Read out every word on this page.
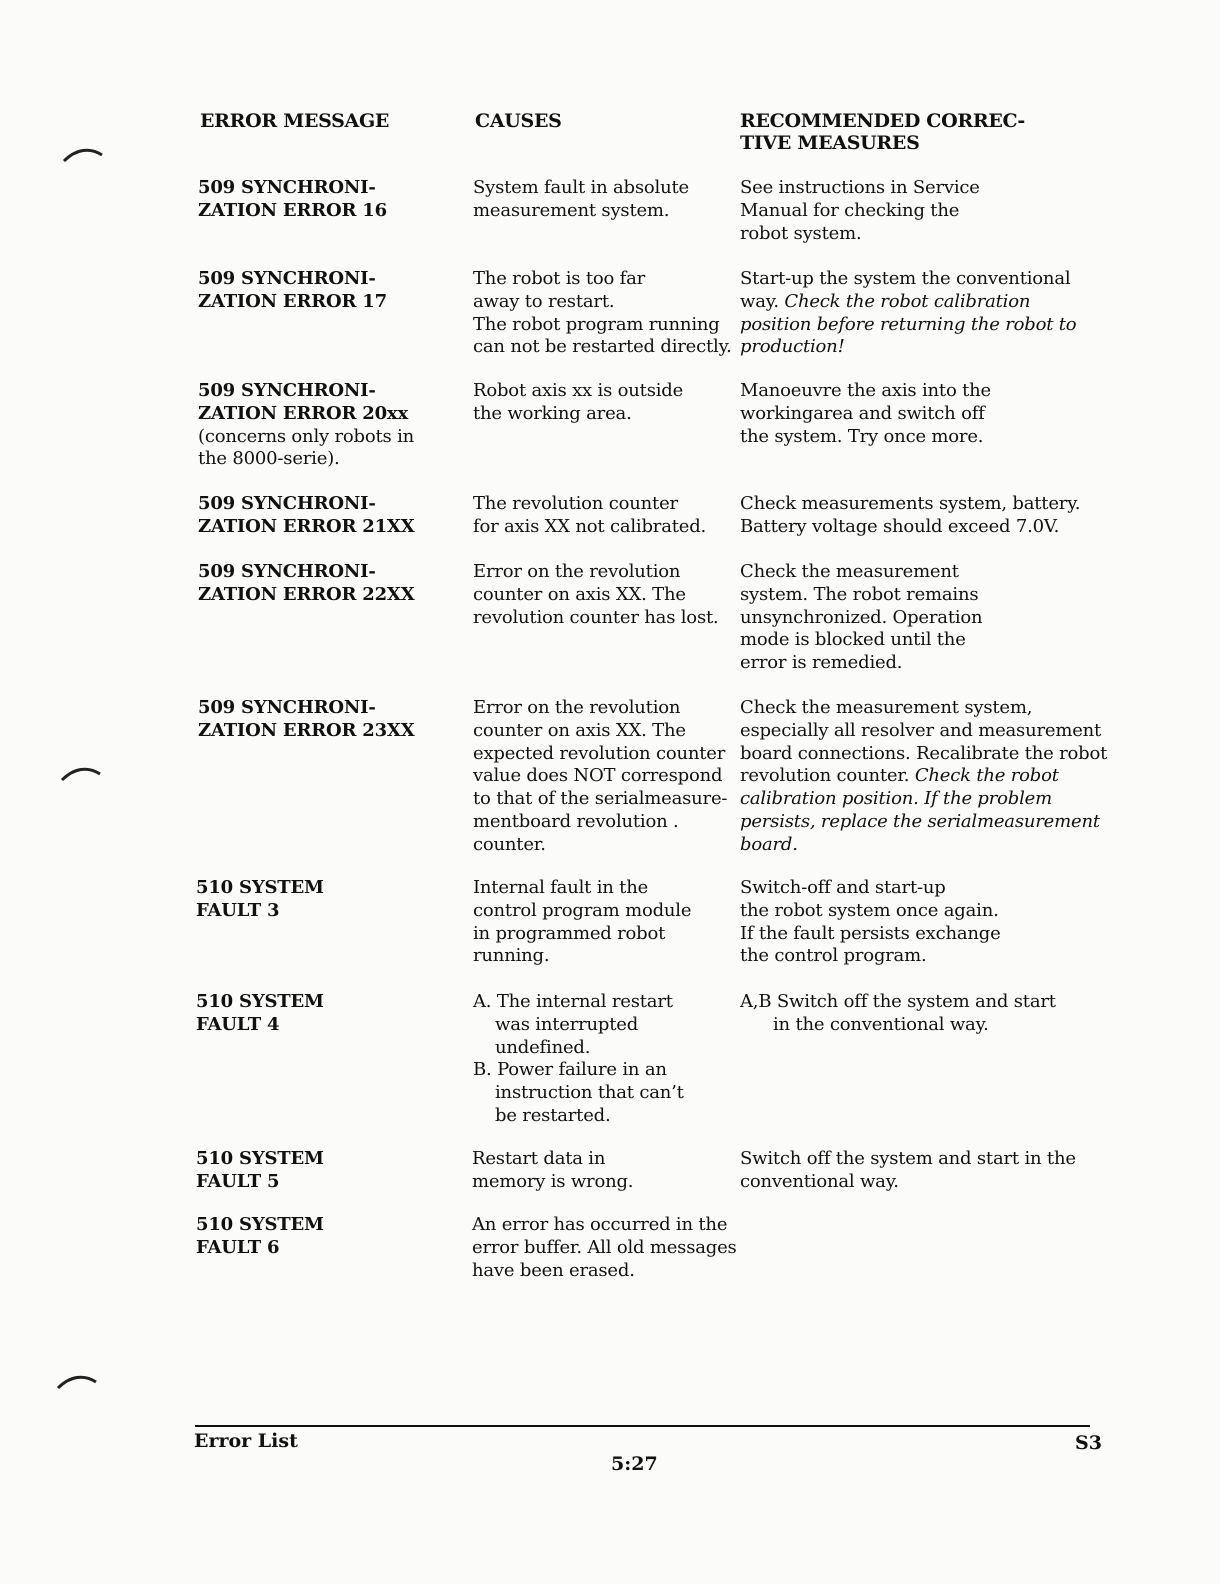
ERROR MESSAGE	CAUSES	RECOMMENDED CORREC-
TIVE MEASURES
509 SYNCHRONI-
ZATION ERROR 16
System fault in absolute
measurement system.
See instructions in Service
Manual for checking the
robot system.
509 SYNCHRONI-
ZATION ERROR 17
The robot is too far
away to restart.
The robot program running
can not be restarted directly.
Start-up the system the conventional
way. Check the robot calibration
position before returning the robot to
production!
509 SYNCHRONI-
ZATION ERROR 20xx
(concerns only robots in
the 8000-serie).
Robot axis xx is outside
the working area.
Manoeuvre the axis into the
workingarea and switch off
the system. Try once more.
509 SYNCHRONI-
ZATION ERROR 21XX
The revolution counter
for axis XX not calibrated.
Check measurements system, battery.
Battery voltage should exceed 7.0V.
509 SYNCHRONI-
ZATION ERROR 22XX
Error on the revolution
counter on axis XX. The
revolution counter has lost.
Check the measurement
system. The robot remains
unsynchronized. Operation
mode is blocked until the
error is remedied.
509 SYNCHRONI-
ZATION ERROR 23XX
Error on the revolution
counter on axis XX. The
expected revolution counter
value does NOT correspond
to that of the serialmeasure-
mentboard revolution .
counter.
Check the measurement system,
especially all resolver and measurement
board connections. Recalibrate the robot
revolution counter. Check the robot
calibration position. If the problem
persists, replace the serialmeasurement
board.
510 SYSTEM
FAULT 3
Internal fault in the
control program module
in programmed robot
running.
Switch-off and start-up
the robot system once again.
If the fault persists exchange
the control program.
510 SYSTEM
FAULT 4
A. The internal restart
was interrupted
undefined.
B. Power failure in an
instruction that can’t
be restarted.
A,B Switch off the system and start
in the conventional way.
510 SYSTEM
FAULT 5
Restart data in
memory is wrong.
Switch off the system and start in the
conventional way.
510 SYSTEM
FAULT 6
An error has occurred in the
error buffer. All old messages
have been erased.
Error List
5:27
S3
